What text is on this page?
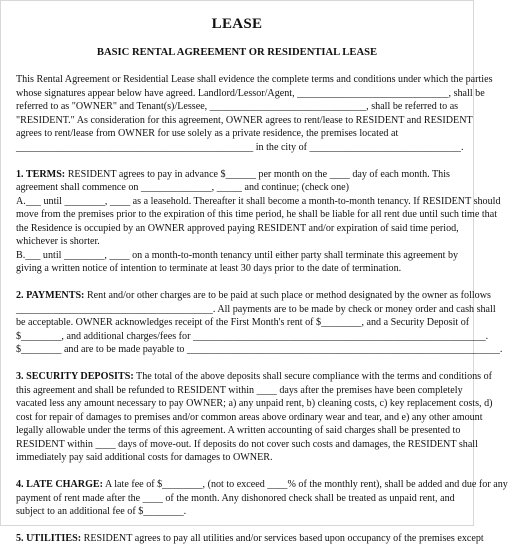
LEASE
BASIC RENTAL AGREEMENT OR RESIDENTIAL LEASE
This Rental Agreement or Residential Lease shall evidence the complete terms and conditions under which the parties
whose signatures appear below have agreed. Landlord/Lessor/Agent, ______________________________, shall be
referred to as "OWNER" and Tenant(s)/Lessee, _______________________________, shall be referred to as
"RESIDENT." As consideration for this agreement, OWNER agrees to rent/lease to RESIDENT and RESIDENT
agrees to rent/lease from OWNER for use solely as a private residence, the premises located at
_______________________________________________ in the city of ______________________________.
1. TERMS: RESIDENT agrees to pay in advance $______ per month on the ____ day of each month. This
agreement shall commence on ______________, _____ and continue; (check one)
A.___ until ________, ____ as a leasehold. Thereafter it shall become a month-to-month tenancy. If RESIDENT should
move from the premises prior to the expiration of this time period, he shall be liable for all rent due until such time that
the Residence is occupied by an OWNER approved paying RESIDENT and/or expiration of said time period,
whichever is shorter.
B.___ until ________, ____ on a month-to-month tenancy until either party shall terminate this agreement by
giving a written notice of intention to terminate at least 30 days prior to the date of termination.
2. PAYMENTS: Rent and/or other charges are to be paid at such place or method designated by the owner as follows
_______________________________________. All payments are to be made by check or money order and cash shall
be acceptable. OWNER acknowledges receipt of the First Month's rent of $________, and a Security Deposit of
$________, and additional charges/fees for __________________________________________________________.
$________ and are to be made payable to ______________________________________________________________.
3. SECURITY DEPOSITS: The total of the above deposits shall secure compliance with the terms and conditions of
this agreement and shall be refunded to RESIDENT within ____ days after the premises have been completely
vacated less any amount necessary to pay OWNER; a) any unpaid rent, b) cleaning costs, c) key replacement costs, d)
cost for repair of damages to premises and/or common areas above ordinary wear and tear, and e) any other amount
legally allowable under the terms of this agreement. A written accounting of said charges shall be presented to
RESIDENT within ____ days of move-out. If deposits do not cover such costs and damages, the RESIDENT shall
immediately pay said additional costs for damages to OWNER.
4. LATE CHARGE: A late fee of $________, (not to exceed ____% of the monthly rent), shall be added and due for any
payment of rent made after the ____ of the month. Any dishonored check shall be treated as unpaid rent, and
subject to an additional fee of $________.
5. UTILITIES: RESIDENT agrees to pay all utilities and/or services based upon occupancy of the premises except
